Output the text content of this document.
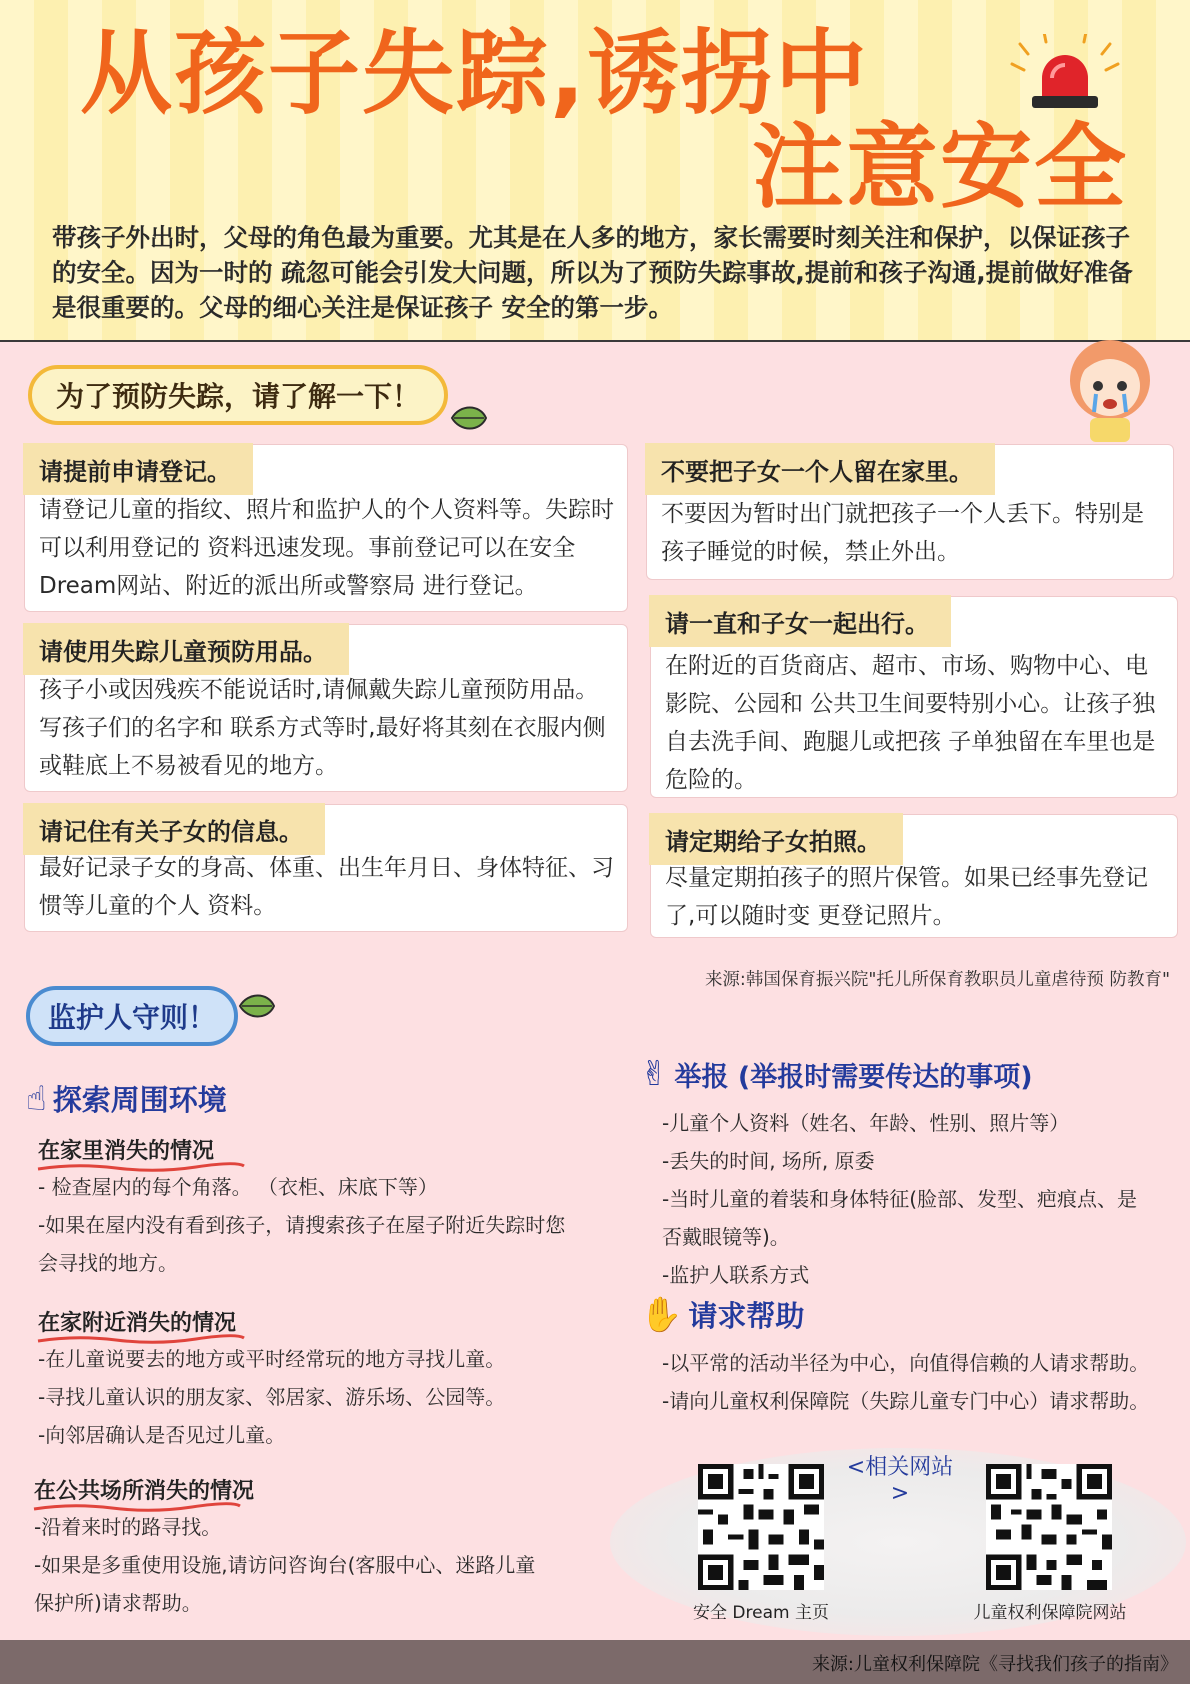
从孩子失踪,诱拐中
注意安全
带孩子外出时，父母的角色最为重要。尤其是在人多的地方，家长需要时刻关注和保护，以保证孩子的安全。因为一时的 疏忽可能会引发大问题，所以为了预防失踪事故,提前和孩子沟通,提前做好准备是很重要的。父母的细心关注是保证孩子 安全的第一步。
为了预防失踪，请了解一下！
请提前申请登记。
请登记儿童的指纹、照片和监护人的个人资料等。失踪时可以利用登记的 资料迅速发现。事前登记可以在安全Dream网站、附近的派出所或警察局 进行登记。
请使用失踪儿童预防用品。
孩子小或因残疾不能说话时,请佩戴失踪儿童预防用品。写孩子们的名字和 联系方式等时,最好将其刻在衣服内侧或鞋底上不易被看见的地方。
请记住有关子女的信息。
最好记录子女的身高、体重、出生年月日、身体特征、习惯等儿童的个人 资料。
不要把子女一个人留在家里。
不要因为暂时出门就把孩子一个人丢下。特别是孩子睡觉的时候，禁止外出。
请一直和子女一起出行。
在附近的百货商店、超市、市场、购物中心、电影院、公园和 公共卫生间要特别小心。让孩子独自去洗手间、跑腿儿或把孩 子单独留在车里也是危险的。
请定期给子女拍照。
尽量定期拍孩子的照片保管。如果已经事先登记了,可以随时变 更登记照片。
来源:韩国保育振兴院"托儿所保育教职员儿童虐待预 防教育"
监护人守则！
☝ 探索周围环境
在家里消失的情况
- 检查屋内的每个角落。 （衣柜、床底下等）
-如果在屋内没有看到孩子，请搜索孩子在屋子附近失踪时您
会寻找的地方。
在家附近消失的情况
-在儿童说要去的地方或平时经常玩的地方寻找儿童。
-寻找儿童认识的朋友家、邻居家、游乐场、公园等。
-向邻居确认是否见过儿童。
在公共场所消失的情况
-沿着来时的路寻找。
-如果是多重使用设施,请访问咨询台(客服中心、迷路儿童
保护所)请求帮助。
✌ 举报 (举报时需要传达的事项)
-儿童个人资料（姓名、年龄、性别、照片等）
-丢失的时间, 场所, 原委
-当时儿童的着装和身体特征(脸部、发型、疤痕点、是
否戴眼镜等)。
-监护人联系方式
✋ 请求帮助
-以平常的活动半径为中心，向值得信赖的人请求帮助。
-请向儿童权利保障院（失踪儿童专门中心）请求帮助。
<相关网站>
安全 Dream 主页	儿童权利保障院网站
来源:儿童权利保障院《寻找我们孩子的指南》
